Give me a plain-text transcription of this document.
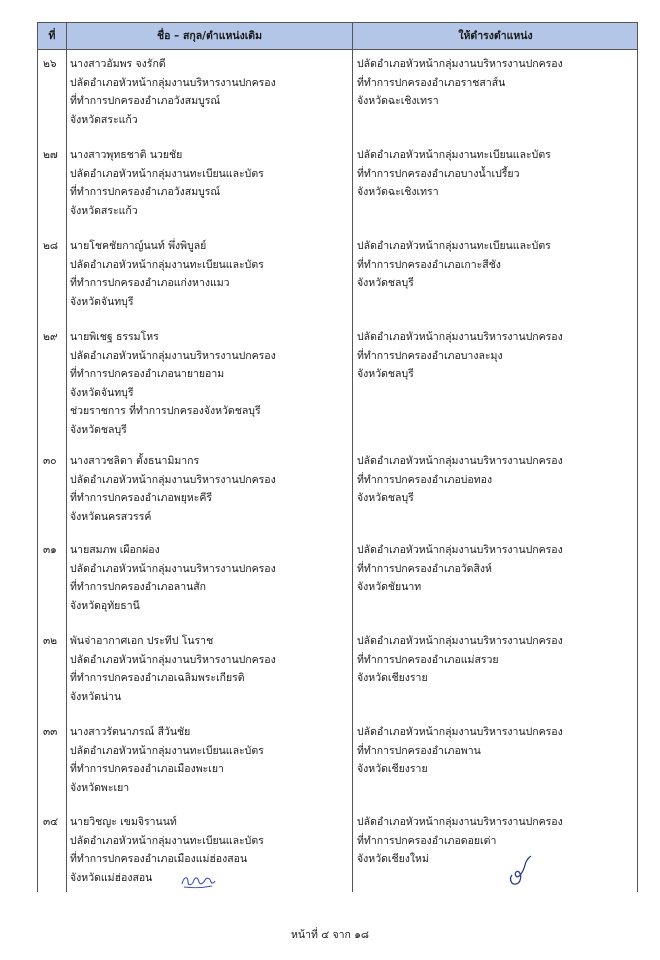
ที่	ชื่อ – สกุล/ตำแหน่งเดิม	ให้ดำรงตำแหน่ง
๒๖ นางสาวอัมพร จงรักดี
ปลัดอำเภอหัวหน้ากลุ่มงานบริหารงานปกครอง
ที่ทำการปกครองอำเภอวังสมบูรณ์
จังหวัดสระแก้ว
ปลัดอำเภอหัวหน้ากลุ่มงานบริหารงานปกครอง
ที่ทำการปกครองอำเภอราชสาส์น
จังหวัดฉะเชิงเทรา
๒๗ นางสาวพุทธชาติ นวยชัย
ปลัดอำเภอหัวหน้ากลุ่มงานทะเบียนและบัตร
ที่ทำการปกครองอำเภอวังสมบูรณ์
จังหวัดสระแก้ว
ปลัดอำเภอหัวหน้ากลุ่มงานทะเบียนและบัตร
ที่ทำการปกครองอำเภอบางน้ำเปรี้ยว
จังหวัดฉะเชิงเทรา
๒๘ นายโชคชัยกาญ์นนท์ พึ่งพิบูลย์
ปลัดอำเภอหัวหน้ากลุ่มงานทะเบียนและบัตร
ที่ทำการปกครองอำเภอแก่งหางแมว
จังหวัดจันทบุรี
ปลัดอำเภอหัวหน้ากลุ่มงานทะเบียนและบัตร
ที่ทำการปกครองอำเภอเกาะสีชัง
จังหวัดชลบุรี
๒๙ นายพิเชฐ ธรรมโหร
ปลัดอำเภอหัวหน้ากลุ่มงานบริหารงานปกครอง
ที่ทำการปกครองอำเภอนายายอาม
จังหวัดจันทบุรี
ช่วยราชการ ที่ทำการปกครองจังหวัดชลบุรี
จังหวัดชลบุรี
ปลัดอำเภอหัวหน้ากลุ่มงานบริหารงานปกครอง
ที่ทำการปกครองอำเภอบางละมุง
จังหวัดชลบุรี
๓๐ นางสาวชลิดา ตั้งธนามิมากร
ปลัดอำเภอหัวหน้ากลุ่มงานบริหารงานปกครอง
ที่ทำการปกครองอำเภอพยุหะคีรี
จังหวัดนครสวรรค์
ปลัดอำเภอหัวหน้ากลุ่มงานบริหารงานปกครอง
ที่ทำการปกครองอำเภอบ่อทอง
จังหวัดชลบุรี
๓๑ นายสมภพ เผือกผ่อง
ปลัดอำเภอหัวหน้ากลุ่มงานบริหารงานปกครอง
ที่ทำการปกครองอำเภอลานสัก
จังหวัดอุทัยธานี
ปลัดอำเภอหัวหน้ากลุ่มงานบริหารงานปกครอง
ที่ทำการปกครองอำเภอวัดสิงห์
จังหวัดชัยนาท
๓๒ พันจ่าอากาศเอก ประทีป โนราช
ปลัดอำเภอหัวหน้ากลุ่มงานบริหารงานปกครอง
ที่ทำการปกครองอำเภอเฉลิมพระเกียรติ
จังหวัดน่าน
ปลัดอำเภอหัวหน้ากลุ่มงานบริหารงานปกครอง
ที่ทำการปกครองอำเภอแม่สรวย
จังหวัดเชียงราย
๓๓ นางสาวรัตนาภรณ์ สีวันชัย
ปลัดอำเภอหัวหน้ากลุ่มงานทะเบียนและบัตร
ที่ทำการปกครองอำเภอเมืองพะเยา
จังหวัดพะเยา
ปลัดอำเภอหัวหน้ากลุ่มงานบริหารงานปกครอง
ที่ทำการปกครองอำเภอพาน
จังหวัดเชียงราย
๓๔ นายวิชญะ เขมจิรานนท์
ปลัดอำเภอหัวหน้ากลุ่มงานทะเบียนและบัตร
ที่ทำการปกครองอำเภอเมืองแม่ฮ่องสอน
จังหวัดแม่ฮ่องสอน
ปลัดอำเภอหัวหน้ากลุ่มงานบริหารงานปกครอง
ที่ทำการปกครองอำเภอดอยเต่า
จังหวัดเชียงใหม่
หน้าที่ ๔ จาก ๑๘
